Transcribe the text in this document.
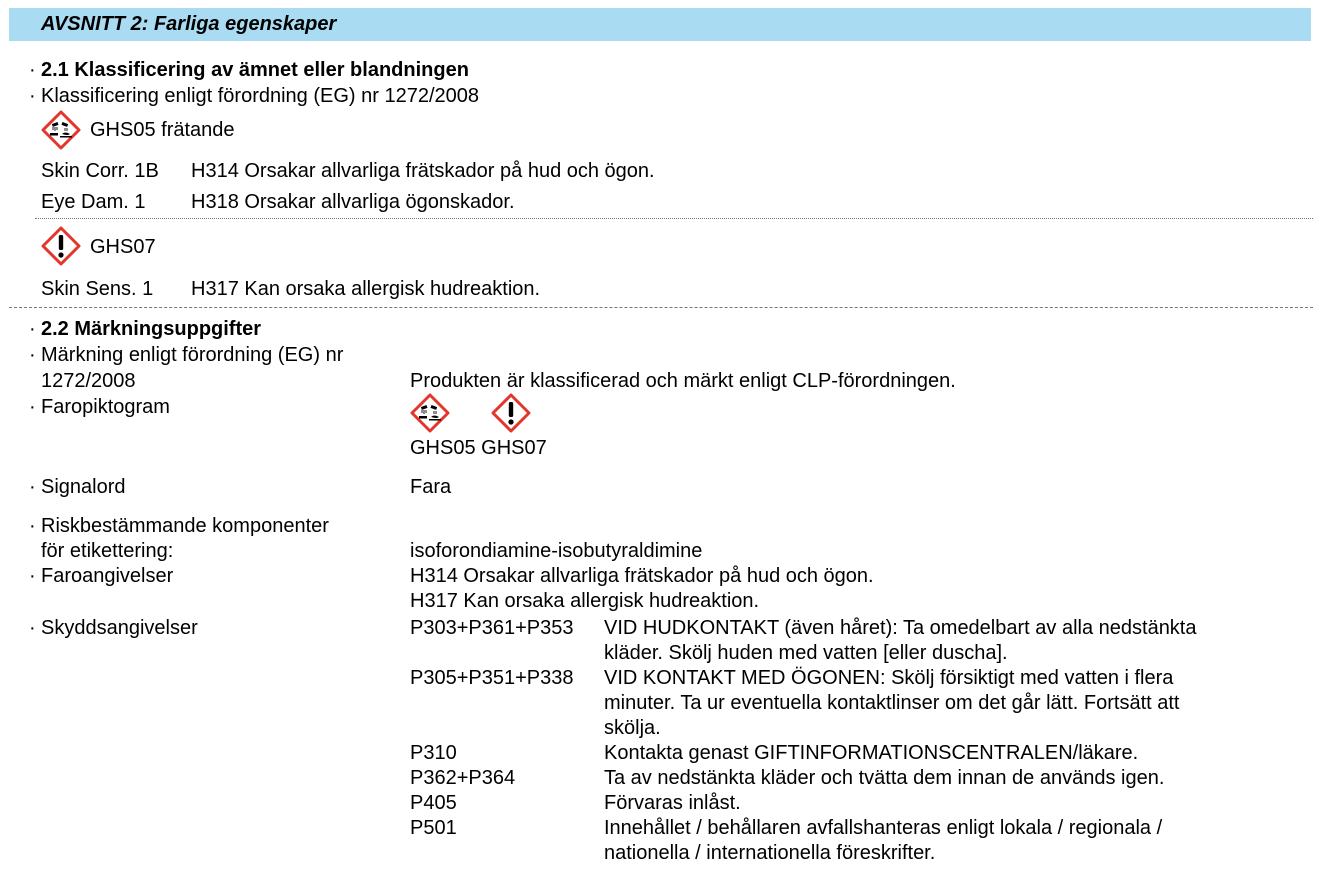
AVSNITT 2: Farliga egenskaper
· 2.1 Klassificering av ämnet eller blandningen
· Klassificering enligt förordning (EG) nr 1272/2008
GHS05 frätande
Skin Corr. 1B H314 Orsakar allvarliga frätskador på hud och ögon.
Eye Dam. 1 H318 Orsakar allvarliga ögonskador.
GHS07
Skin Sens. 1 H317 Kan orsaka allergisk hudreaktion.
· 2.2 Märkningsuppgifter
· Märkning enligt förordning (EG) nr
1272/2008	Produkten är klassificerad och märkt enligt CLP-förordningen.
· Faropiktogram
GHS05 GHS07
· Signalord	Fara
· Riskbestämmande komponenter
för etikettering:	isoforondiamine-isobutyraldimine
· Faroangivelser	H314 Orsakar allvarliga frätskador på hud och ögon.
H317 Kan orsaka allergisk hudreaktion.
· Skyddsangivelser	P303+P361+P353 VID HUDKONTAKT (även håret): Ta omedelbart av alla nedstänkta
kläder. Skölj huden med vatten [eller duscha].
P305+P351+P338 VID KONTAKT MED ÖGONEN: Skölj försiktigt med vatten i flera
minuter. Ta ur eventuella kontaktlinser om det går lätt. Fortsätt att
skölja.
P310	Kontakta genast GIFTINFORMATIONSCENTRALEN/läkare.
P362+P364	Ta av nedstänkta kläder och tvätta dem innan de används igen.
P405	Förvaras inlåst.
P501	Innehållet / behållaren avfallshanteras enligt lokala / regionala /
nationella / internationella föreskrifter.
